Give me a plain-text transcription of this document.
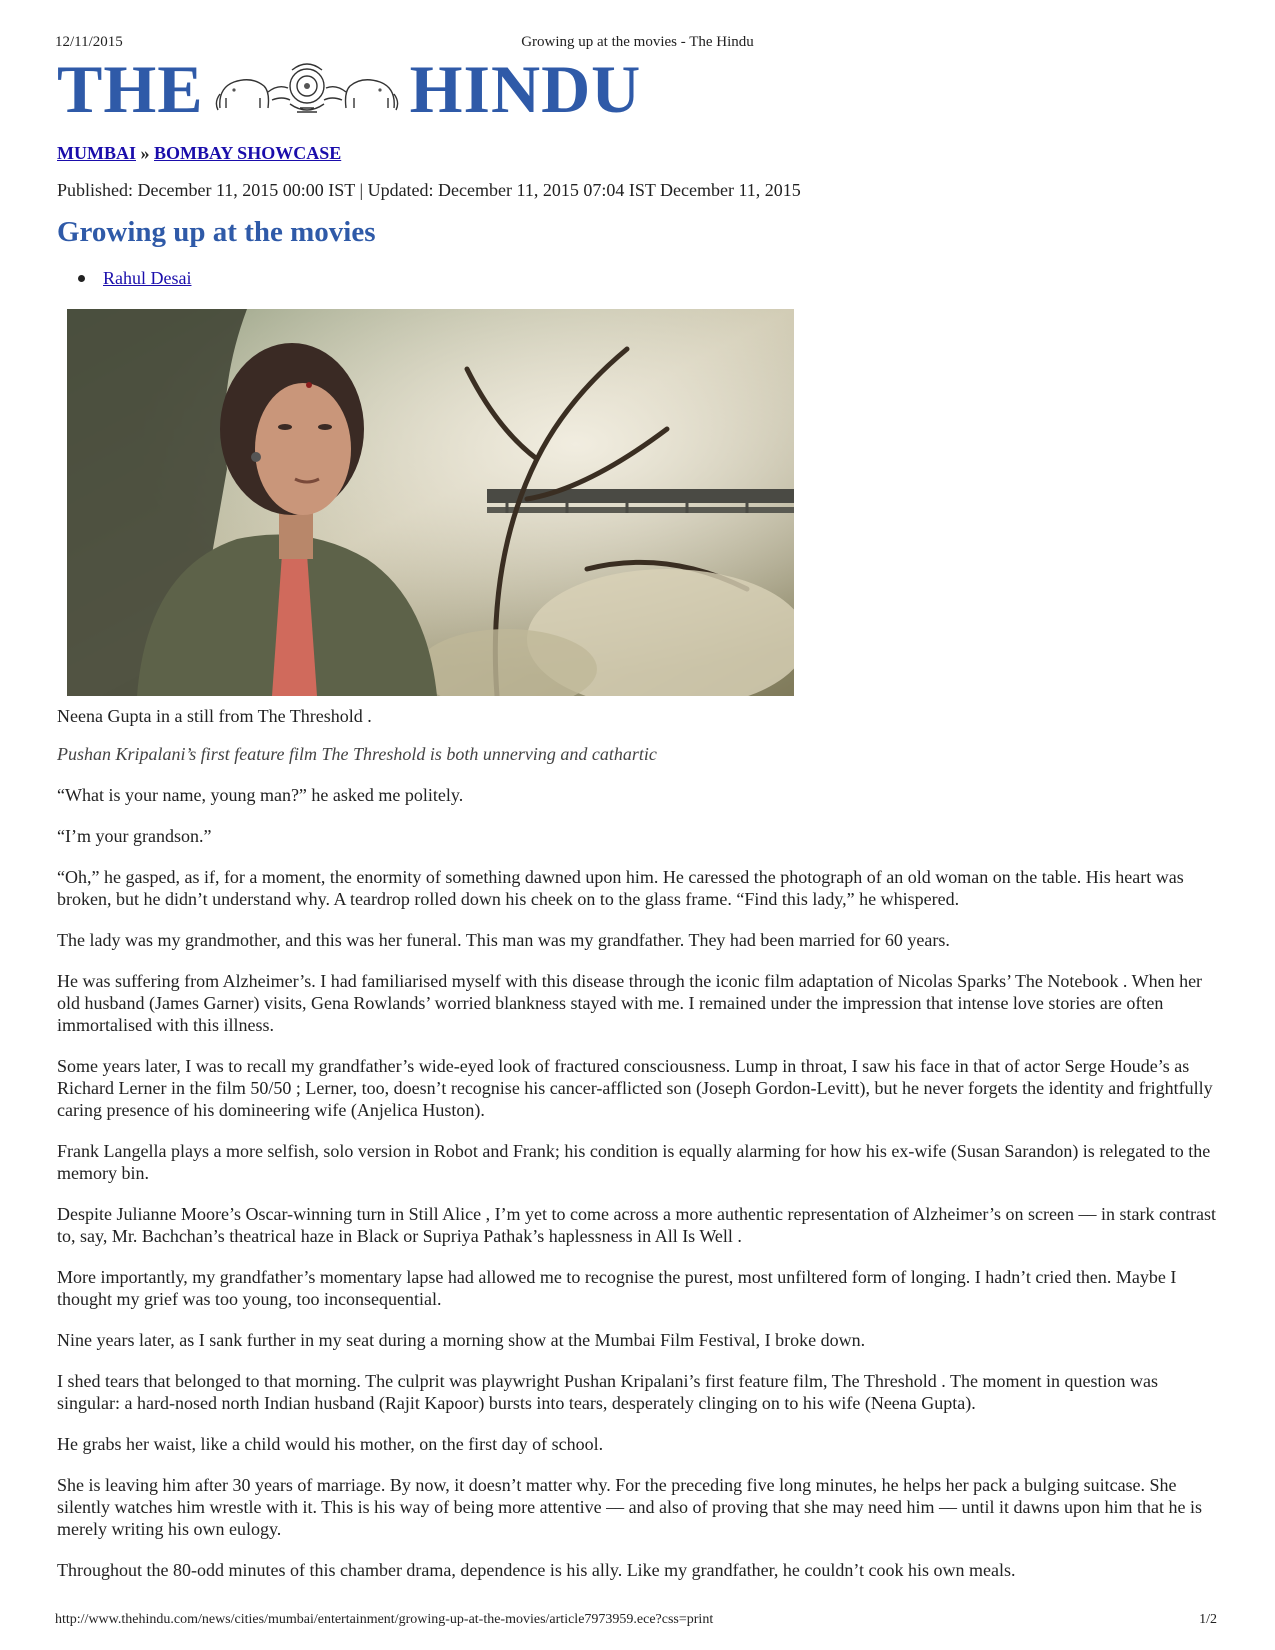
12/11/2015	Growing up at the movies - The Hindu
THE	HINDU
MUMBAI » BOMBAY SHOWCASE
Published: December 11, 2015 00:00 IST | Updated: December 11, 2015 07:04 IST December 11, 2015
Growing up at the movies
Rahul Desai
Neena Gupta in a still from The Threshold .
Pushan Kripalani’s first feature film The Threshold is both unnerving and cathartic

“What is your name, young man?” he asked me politely.

“I’m your grandson.”

“Oh,” he gasped, as if, for a moment, the enormity of something dawned upon him. He caressed the photograph of an old woman on the table. His heart was broken, but he didn’t understand why. A teardrop rolled down his cheek on to the glass frame. “Find this lady,” he whispered.

The lady was my grandmother, and this was her funeral. This man was my grandfather. They had been married for 60 years.

He was suffering from Alzheimer’s. I had familiarised myself with this disease through the iconic film adaptation of Nicolas Sparks’ The Notebook . When her old husband (James Garner) visits, Gena Rowlands’ worried blankness stayed with me. I remained under the impression that intense love stories are often immortalised with this illness.

Some years later, I was to recall my grandfather’s wide-eyed look of fractured consciousness. Lump in throat, I saw his face in that of actor Serge Houde’s as Richard Lerner in the film 50/50 ; Lerner, too, doesn’t recognise his cancer-afflicted son (Joseph Gordon-Levitt), but he never forgets the identity and frightfully caring presence of his domineering wife (Anjelica Huston).

Frank Langella plays a more selfish, solo version in Robot and Frank; his condition is equally alarming for how his ex-wife (Susan Sarandon) is relegated to the memory bin.

Despite Julianne Moore’s Oscar-winning turn in Still Alice , I’m yet to come across a more authentic representation of Alzheimer’s on screen –– in stark contrast to, say, Mr. Bachchan’s theatrical haze in Black or Supriya Pathak’s haplessness in All Is Well .

More importantly, my grandfather’s momentary lapse had allowed me to recognise the purest, most unfiltered form of longing. I hadn’t cried then. Maybe I thought my grief was too young, too inconsequential.

Nine years later, as I sank further in my seat during a morning show at the Mumbai Film Festival, I broke down.

I shed tears that belonged to that morning. The culprit was playwright Pushan Kripalani’s first feature film, The Threshold . The moment in question was singular: a hard-nosed north Indian husband (Rajit Kapoor) bursts into tears, desperately clinging on to his wife (Neena Gupta).

He grabs her waist, like a child would his mother, on the first day of school.

She is leaving him after 30 years of marriage. By now, it doesn’t matter why. For the preceding five long minutes, he helps her pack a bulging suitcase. She silently watches him wrestle with it. This is his way of being more attentive –– and also of proving that she may need him –– until it dawns upon him that he is merely writing his own eulogy.

Throughout the 80-odd minutes of this chamber drama, dependence is his ally. Like my grandfather, he couldn’t cook his own meals.

http://www.thehindu.com/news/cities/mumbai/entertainment/growing-up-at-the-movies/article7973959.ece?css=print	1/2
